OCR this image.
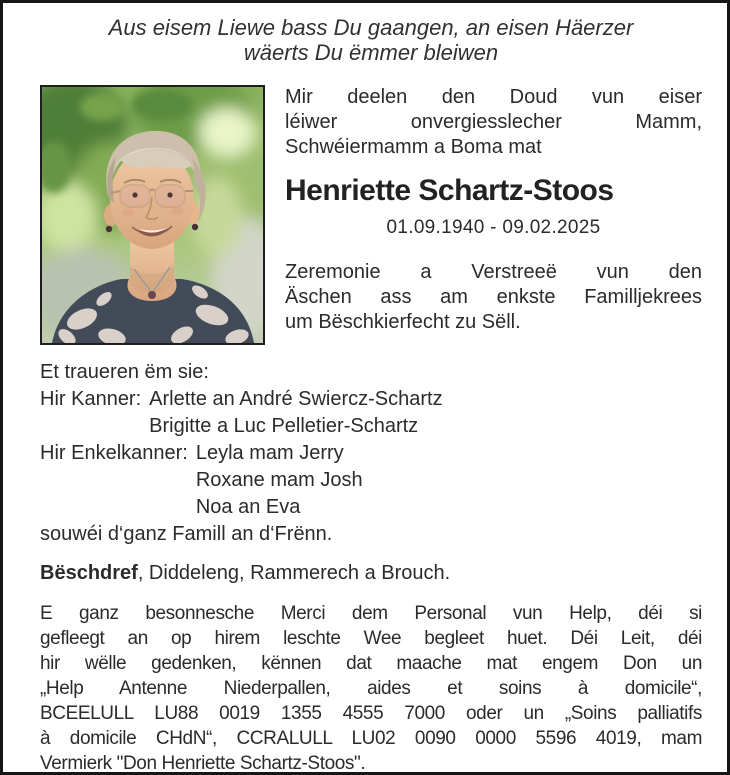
Aus eisem Liewe bass Du gaangen, an eisen Häerzer
wäerts Du ëmmer bleiwen

Mir deelen den Doud vun eiser
léiwer onvergiesslecher Mamm,
Schwéiermamm a Boma mat

Henriette Schartz-Stoos
01.09.1940 - 09.02.2025

Zeremonie a Verstreeë vun den
Äschen ass am enkste Familljekrees
um Bëschkierfecht zu Sëll.

Et traueren ëm sie:
Hir Kanner: Arlette an André Swiercz-Schartz
Brigitte a Luc Pelletier-Schartz
Hir Enkelkanner: Leyla mam Jerry
Roxane mam Josh
Noa an Eva
souwéi d‘ganz Famill an d‘Frënn.
Bëschdref, Diddeleng, Rammerech a Brouch.
E ganz besonnesche Merci dem Personal vun Help, déi si
gefleegt an op hirem leschte Wee begleet huet. Déi Leit, déi
hir wëlle gedenken, kënnen dat maache mat engem Don un
„Help Antenne Niederpallen, aides et soins à domicile“,
BCEELULL LU88 0019 1355 4555 7000 oder un „Soins palliatifs
à domicile CHdN“, CCRALULL LU02 0090 0000 5596 4019, mam
Vermierk "Don Henriette Schartz-Stoos".
